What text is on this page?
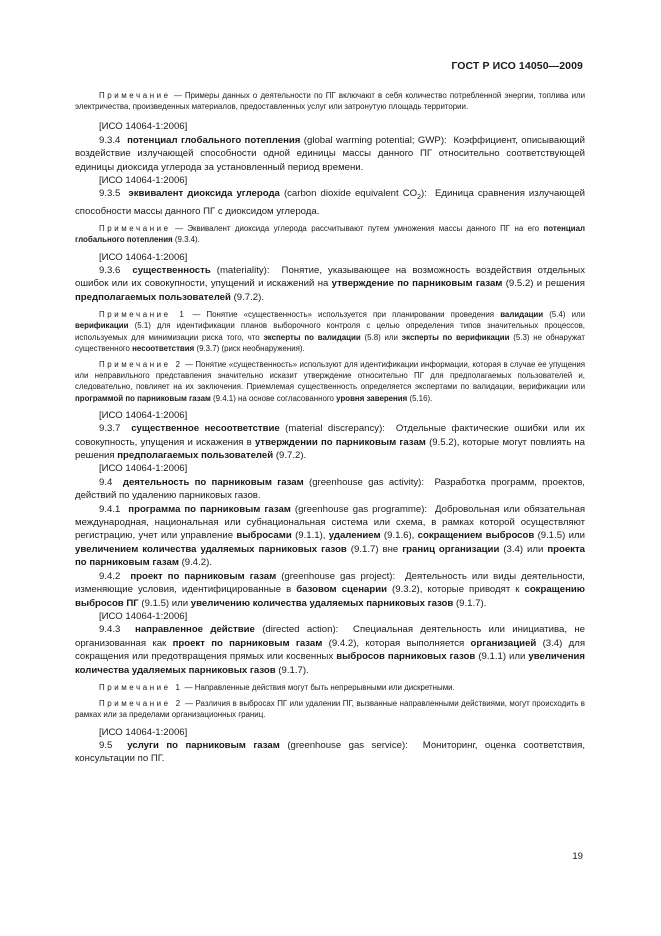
ГОСТ Р ИСО 14050—2009

Примечание — Примеры данных о деятельности по ПГ включают в себя количество потребленной энергии, топлива или электричества, произведенных материалов, предоставленных услуг или затронутую площадь территории.

[ИСО 14064-1:2006]

9.3.4 потенциал глобального потепления (global warming potential; GWP): Коэффициент, описывающий воздействие излучающей способности одной единицы массы данного ПГ относительно соответствующей единицы диоксида углерода за установленный период времени.

[ИСО 14064-1:2006]

9.3.5 эквивалент диоксида углерода (carbon dioxide equivalent $CO_2$): Единица сравнения излучающей способности массы данного ПГ с диоксидом углерода.

Примечание — Эквивалент диоксида углерода рассчитывают путем умножения массы данного ПГ на его потенциал глобального потепления (9.3.4).

[ИСО 14064-1:2006]

9.3.6 существенность (materiality): Понятие, указывающее на возможность воздействия отдельных ошибок или их совокупности, упущений и искажений на утверждение по парниковым газам (9.5.2) и решения предполагаемых пользователей (9.7.2).

Примечание 1 — Понятие «существенность» используется при планировании проведения валидации (5.4) или верификации (5.1) для идентификации планов выборочного контроля с целью определения типов значительных процессов, используемых для минимизации риска того, что эксперты по валидации (5.8) или эксперты по верификации (5.3) не обнаружат существенного несоответствия (9.3.7) (риск необнаружения).

Примечание 2 — Понятие «существенность» используют для идентификации информации, которая в случае ее упущения или неправильного представления значительно исказит утверждение относительно ПГ для предполагаемых пользователей и, следовательно, повлияет на их заключения. Приемлемая существенность определяется экспертами по валидации, верификации или программой по парниковым газам (9.4.1) на основе согласованного уровня заверения (5.16).

[ИСО 14064-1:2006]

9.3.7 существенное несоответствие (material discrepancy): Отдельные фактические ошибки или их совокупность, упущения и искажения в утверждении по парниковым газам (9.5.2), которые могут повлиять на решения предполагаемых пользователей (9.7.2).

[ИСО 14064-1:2006]

9.4 деятельность по парниковым газам (greenhouse gas activity): Разработка программ, проектов, действий по удалению парниковых газов.

9.4.1 программа по парниковым газам (greenhouse gas programme): Добровольная или обязательная международная, национальная или субнациональная система или схема, в рамках которой осуществляют регистрацию, учет или управление выбросами (9.1.1), удалением (9.1.6), сокращением выбросов (9.1.5) или увеличением количества удаляемых парниковых газов (9.1.7) вне границ организации (3.4) или проекта по парниковым газам (9.4.2).

9.4.2 проект по парниковым газам (greenhouse gas project): Деятельность или виды деятельности, изменяющие условия, идентифицированные в базовом сценарии (9.3.2), которые приводят к сокращению выбросов ПГ (9.1.5) или увеличению количества удаляемых парниковых газов (9.1.7).

[ИСО 14064-1:2006]

9.4.3 направленное действие (directed action): Специальная деятельность или инициатива, не организованная как проект по парниковым газам (9.4.2), которая выполняется организацией (3.4) для сокращения или предотвращения прямых или косвенных выбросов парниковых газов (9.1.1) или увеличения количества удаляемых парниковых газов (9.1.7).

Примечание 1 — Направленные действия могут быть непрерывными или дискретными.

Примечание 2 — Различия в выбросах ПГ или удалении ПГ, вызванные направленными действиями, могут происходить в рамках или за пределами организационных границ.

[ИСО 14064-1:2006]

9.5 услуги по парниковым газам (greenhouse gas service): Мониторинг, оценка соответствия, консультации по ПГ.

19
